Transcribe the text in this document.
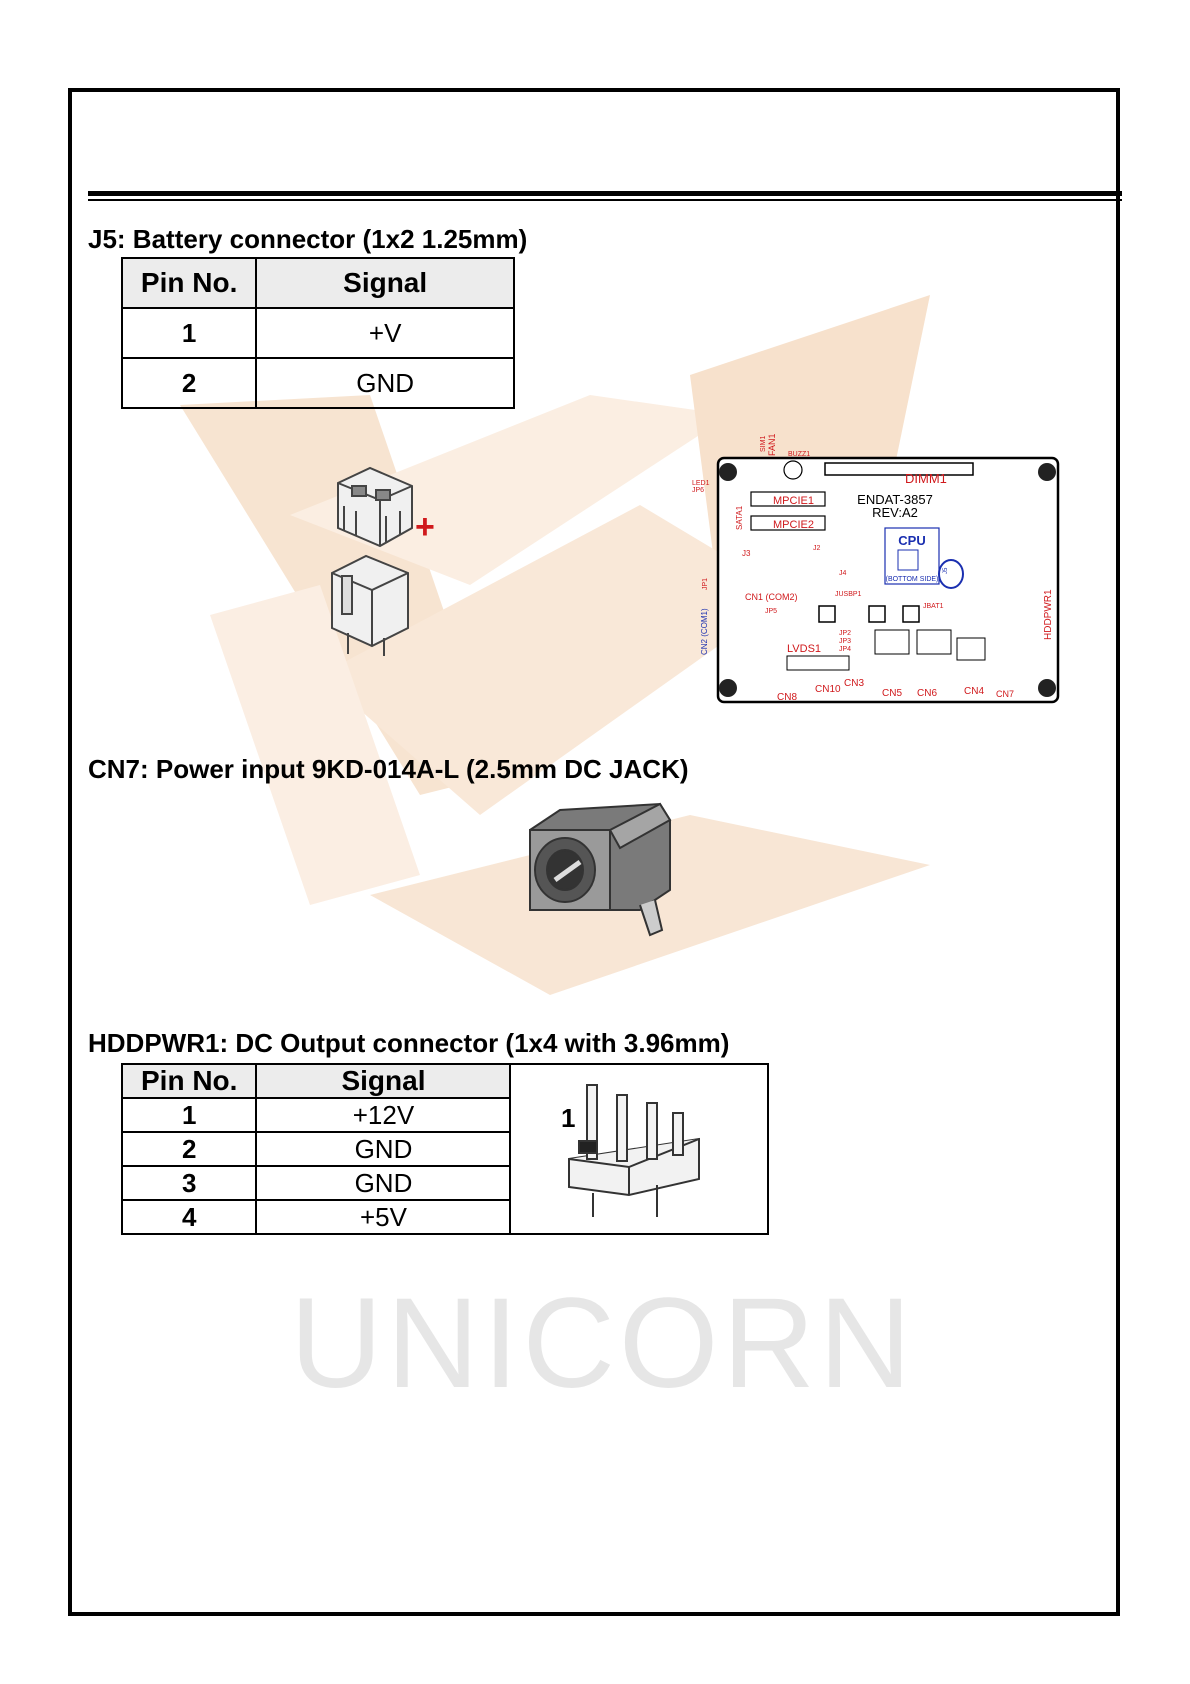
UNICORN
J5: Battery connector (1x2 1.25mm)
Pin No.	Signal
1	+V
2	GND
+
DIMM1
ENDAT-3857
REV:A2
CPU
(BOTTOM SIDE)
MPCIE1
MPCIE2
BUZZ1
FAN1
SIM1
LED1
JP6
SATA1
J3
JP1
J2
J4
JUSBP1
J5
JBAT1
CN1 (COM2)
CN2 (COM1)	JP5
JP2
JP3
JP4
LVDS1
CN10
CN3
CN5 CN6	CN4 CN7
CN8
HDDPWR1
CN7: Power input 9KD-014A-L (2.5mm DC JACK)
HDDPWR1: DC Output connector (1x4 with 3.96mm)
Pin No.	Signal	1

1	+12V	
2	GND	
3	GND	
4	+5V	
